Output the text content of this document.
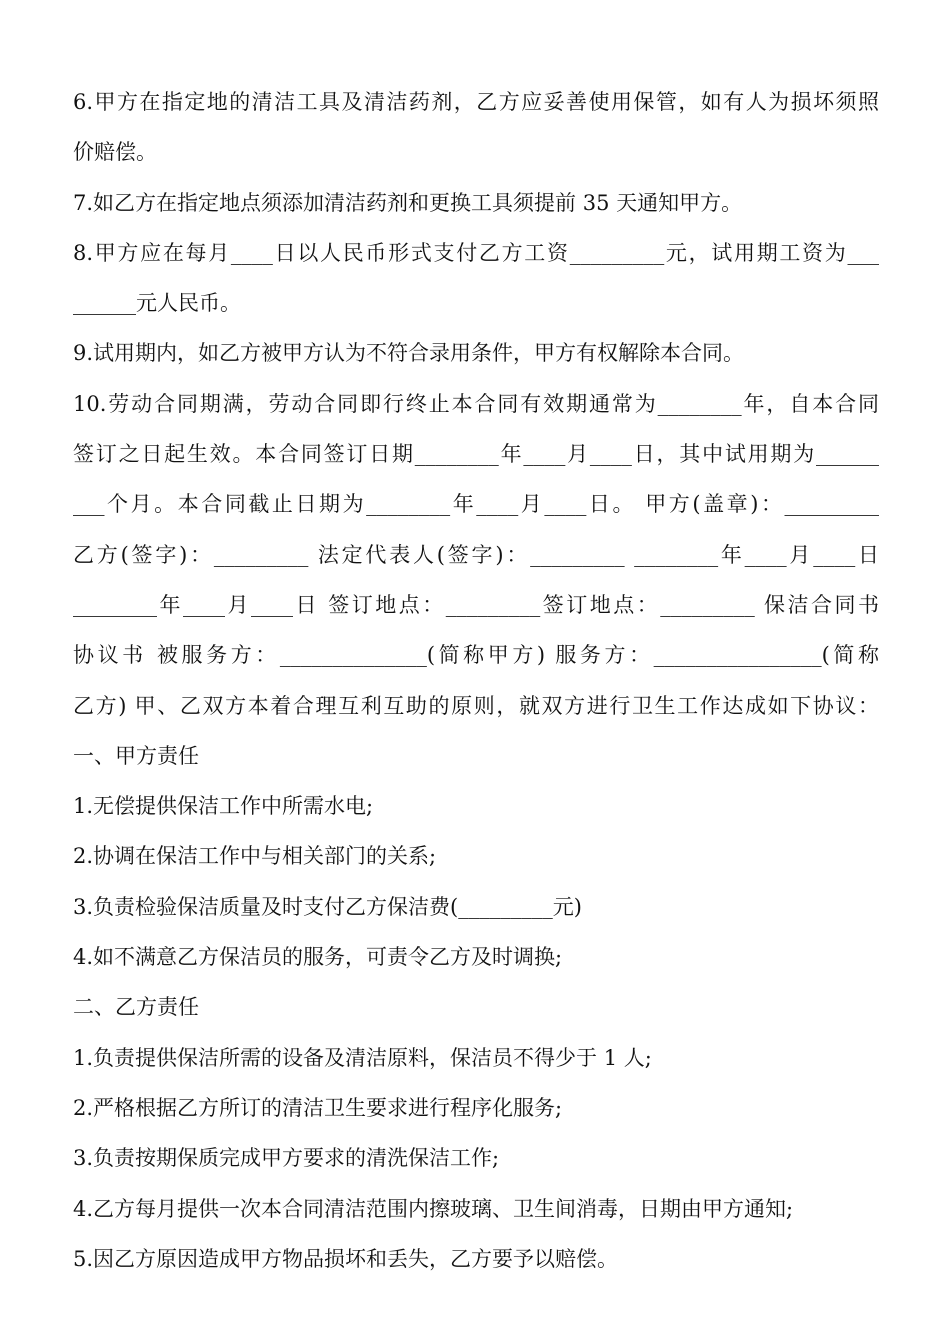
6.甲方在指定地的清洁工具及清洁药剂，乙方应妥善使用保管，如有人为损坏须照
价赔偿。
7.如乙方在指定地点须添加清洁药剂和更换工具须提前 35 天通知甲方。
8.甲方应在每月____日以人民币形式支付乙方工资_________元，试用期工资为___
______元人民币。
9.试用期内，如乙方被甲方认为不符合录用条件，甲方有权解除本合同。
10.劳动合同期满，劳动合同即行终止本合同有效期通常为________年，自本合同
签订之日起生效。本合同签订日期________年____月____日，其中试用期为______
___个月。本合同截止日期为________年____月____日。 甲方(盖章)：_________
乙方(签字)：_________ 法定代表人(签字)：_________ ________年____月____日
________年____月____日 签订地点：_________签订地点：_________ 保洁合同书
协议书 被服务方：______________(简称甲方) 服务方：________________(简称
乙方) 甲、乙双方本着合理互利互助的原则，就双方进行卫生工作达成如下协议：
一、甲方责任
1.无偿提供保洁工作中所需水电;
2.协调在保洁工作中与相关部门的关系;
3.负责检验保洁质量及时支付乙方保洁费(_________元)
4.如不满意乙方保洁员的服务，可责令乙方及时调换;
二、乙方责任
1.负责提供保洁所需的设备及清洁原料，保洁员不得少于 1 人;
2.严格根据乙方所订的清洁卫生要求进行程序化服务;
3.负责按期保质完成甲方要求的清洗保洁工作;
4.乙方每月提供一次本合同清洁范围内擦玻璃、卫生间消毒，日期由甲方通知;
5.因乙方原因造成甲方物品损坏和丢失，乙方要予以赔偿。
